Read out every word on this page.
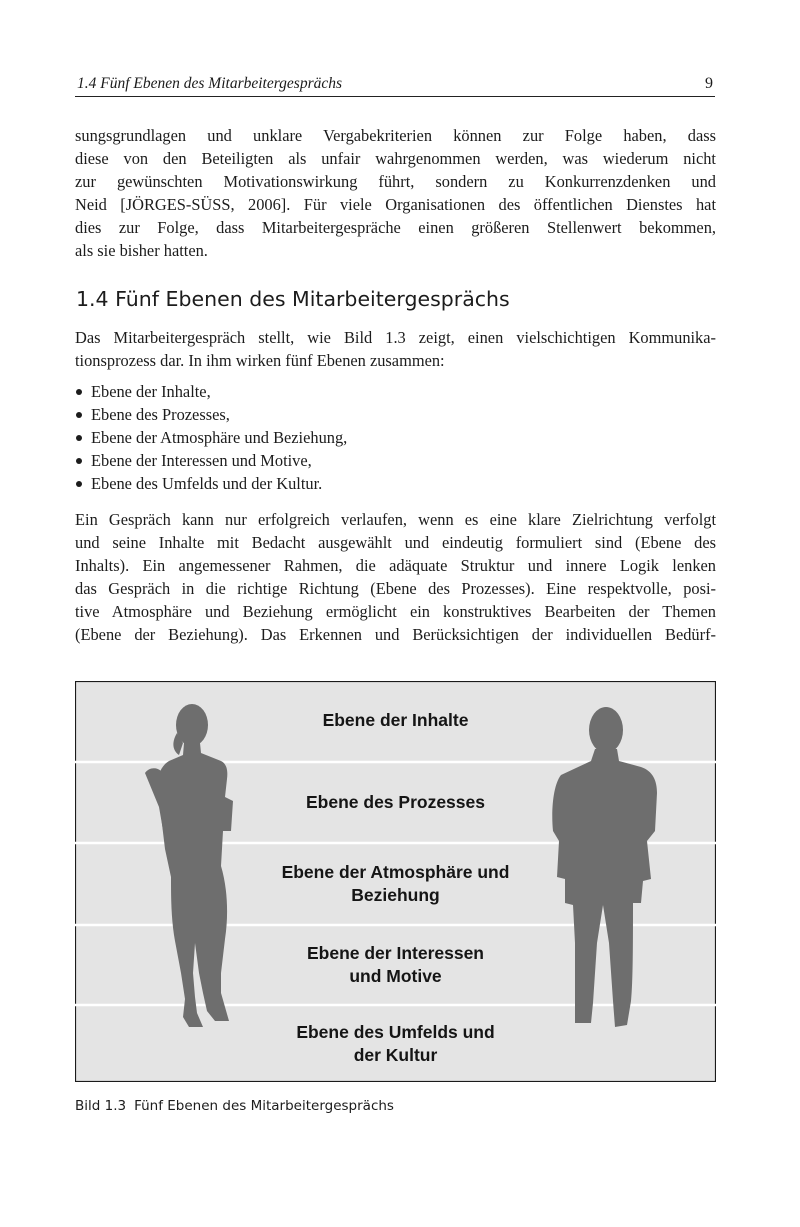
1.4 Fünf Ebenen des Mitarbeitergesprächs	9

sungsgrundlagen und unklare Vergabekriterien können zur Folge haben, dass
diese von den Beteiligten als unfair wahrgenommen werden, was wiederum nicht
zur gewünschten Motivationswirkung führt, sondern zu Konkurrenzdenken und
Neid [JÖRGES-SÜSS, 2006]. Für viele Organisationen des öffentlichen Dienstes hat
dies zur Folge, dass Mitarbeitergespräche einen größeren Stellenwert bekommen,
als sie bisher hatten.

1.4 Fünf Ebenen des Mitarbeitergesprächs

Das Mitarbeitergespräch stellt, wie Bild 1.3 zeigt, einen vielschichtigen Kommunika-
tionsprozess dar. In ihm wirken fünf Ebenen zusammen:

Ebene der Inhalte,
Ebene des Prozesses,
Ebene der Atmosphäre und Beziehung,
Ebene der Interessen und Motive,
Ebene des Umfelds und der Kultur.

Ein Gespräch kann nur erfolgreich verlaufen, wenn es eine klare Zielrichtung verfolgt
und seine Inhalte mit Bedacht ausgewählt und eindeutig formuliert sind (Ebene des
Inhalts). Ein angemessener Rahmen, die adäquate Struktur und innere Logik lenken
das Gespräch in die richtige Richtung (Ebene des Prozesses). Eine respektvolle, posi-
tive Atmosphäre und Beziehung ermöglicht ein konstruktives Bearbeiten der Themen
(Ebene der Beziehung). Das Erkennen und Berücksichtigen der individuellen Bedürf-

Ebene der Inhalte
Ebene des Prozesses
Ebene der Atmosphäre und
Beziehung
Ebene der Interessen
und Motive
Ebene des Umfelds und
der Kultur
Bild 1.3 Fünf Ebenen des Mitarbeitergesprächs
